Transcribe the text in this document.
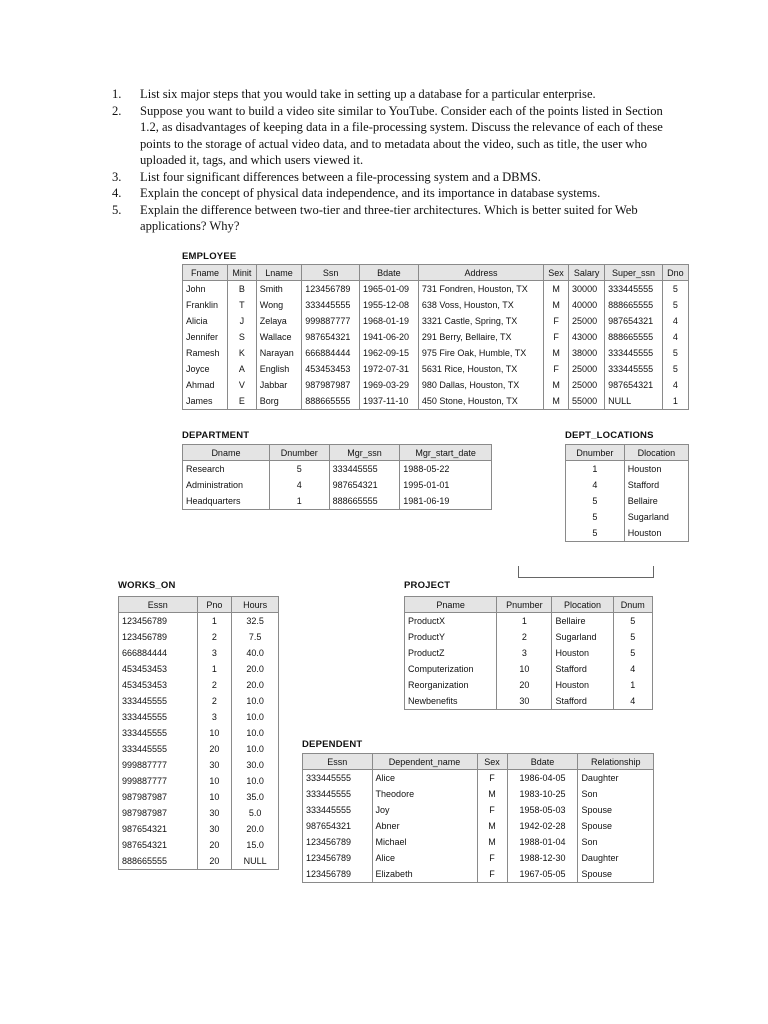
1. List six major steps that you would take in setting up a database for a particular enterprise.
2. Suppose you want to build a video site similar to YouTube. Consider each of the points listed in Section 1.2, as disadvantages of keeping data in a file-processing system. Discuss the relevance of each of these points to the storage of actual video data, and to metadata about the video, such as title, the user who uploaded it, tags, and which users viewed it.
3. List four significant differences between a file-processing system and a DBMS.
4. Explain the concept of physical data independence, and its importance in database systems.
5. Explain the difference between two-tier and three-tier architectures. Which is better suited for Web applications? Why?
EMPLOYEE
Fname	Minit	Lname	Ssn	Bdate	Address	Sex	Salary	Super_ssn	Dno
John	B	Smith	123456789	1965-01-09	731 Fondren, Houston, TX	M	30000	333445555	5
Franklin	T	Wong	333445555	1955-12-08	638 Voss, Houston, TX	M	40000	888665555	5
Alicia	J	Zelaya	999887777	1968-01-19	3321 Castle, Spring, TX	F	25000	987654321	4
Jennifer	S	Wallace	987654321	1941-06-20	291 Berry, Bellaire, TX	F	43000	888665555	4
Ramesh	K	Narayan	666884444	1962-09-15	975 Fire Oak, Humble, TX	M	38000	333445555	5
Joyce	A	English	453453453	1972-07-31	5631 Rice, Houston, TX	F	25000	333445555	5
Ahmad	V	Jabbar	987987987	1969-03-29	980 Dallas, Houston, TX	M	25000	987654321	4
James	E	Borg	888665555	1937-11-10	450 Stone, Houston, TX	M	55000	NULL	1
DEPARTMENT
Dname	Dnumber	Mgr_ssn	Mgr_start_date
Research	5	333445555	1988-05-22
Administration	4	987654321	1995-01-01
Headquarters	1	888665555	1981-06-19
DEPT_LOCATIONS
Dnumber	Dlocation
1	Houston
4	Stafford
5	Bellaire
5	Sugarland
5	Houston
WORKS_ON
Essn	Pno	Hours
123456789	1	32.5
123456789	2	7.5
666884444	3	40.0
453453453	1	20.0
453453453	2	20.0
333445555	2	10.0
333445555	3	10.0
333445555	10	10.0
333445555	20	10.0
999887777	30	30.0
999887777	10	10.0
987987987	10	35.0
987987987	30	5.0
987654321	30	20.0
987654321	20	15.0
888665555	20	NULL
PROJECT
Pname	Pnumber	Plocation	Dnum
ProductX	1	Bellaire	5
ProductY	2	Sugarland	5
ProductZ	3	Houston	5
Computerization	10	Stafford	4
Reorganization	20	Houston	1
Newbenefits	30	Stafford	4
DEPENDENT
Essn	Dependent_name	Sex	Bdate	Relationship
333445555	Alice	F	1986-04-05	Daughter
333445555	Theodore	M	1983-10-25	Son
333445555	Joy	F	1958-05-03	Spouse
987654321	Abner	M	1942-02-28	Spouse
123456789	Michael	M	1988-01-04	Son
123456789	Alice	F	1988-12-30	Daughter
123456789	Elizabeth	F	1967-05-05	Spouse
